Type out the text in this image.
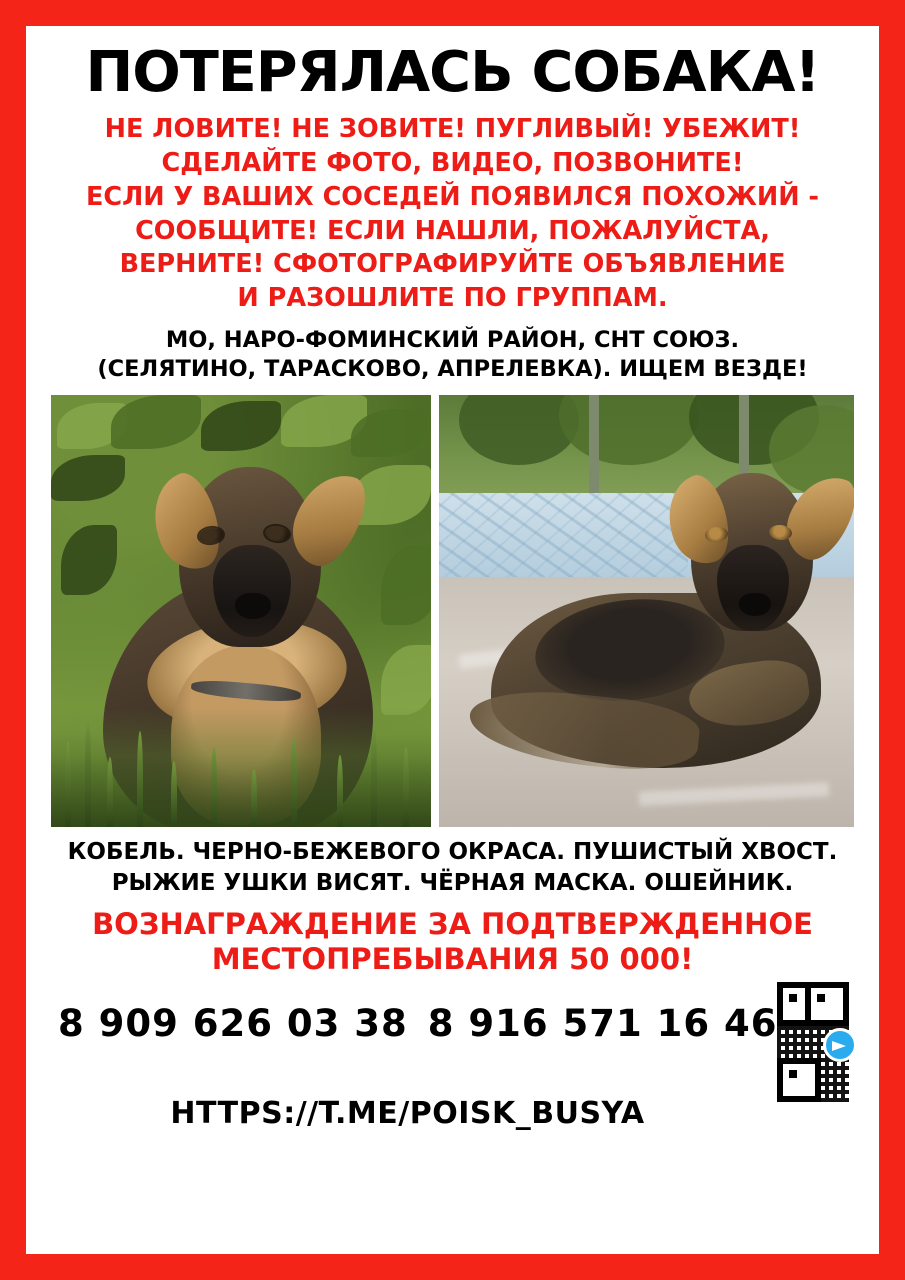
ПОТЕРЯЛАСЬ СОБАКА!
НЕ ЛОВИТЕ! НЕ ЗОВИТЕ! ПУГЛИВЫЙ! УБЕЖИТ!
СДЕЛАЙТЕ ФОТО, ВИДЕО, ПОЗВОНИТЕ!
ЕСЛИ У ВАШИХ СОСЕДЕЙ ПОЯВИЛСЯ ПОХОЖИЙ -
СООБЩИТЕ! ЕСЛИ НАШЛИ, ПОЖАЛУЙСТА,
ВЕРНИТЕ! СФОТОГРАФИРУЙТЕ ОБЪЯВЛЕНИЕ
И РАЗОШЛИТЕ ПО ГРУППАМ.
МО, НАРО-ФОМИНСКИЙ РАЙОН, СНТ СОЮЗ.
(СЕЛЯТИНО, ТАРАСКОВО, АПРЕЛЕВКА). ИЩЕМ ВЕЗДЕ!
КОБЕЛЬ. ЧЕРНО-БЕЖЕВОГО ОКРАСА. ПУШИСТЫЙ ХВОСТ.
РЫЖИЕ УШКИ ВИСЯТ. ЧЁРНАЯ МАСКА. ОШЕЙНИК.
ВОЗНАГРАЖДЕНИЕ ЗА ПОДТВЕРЖДЕННОЕ
МЕСТОПРЕБЫВАНИЯ 50 000!
8 909 626 03 38 8 916 571 16 46
HTTPS://T.ME/POISK_BUSYA
